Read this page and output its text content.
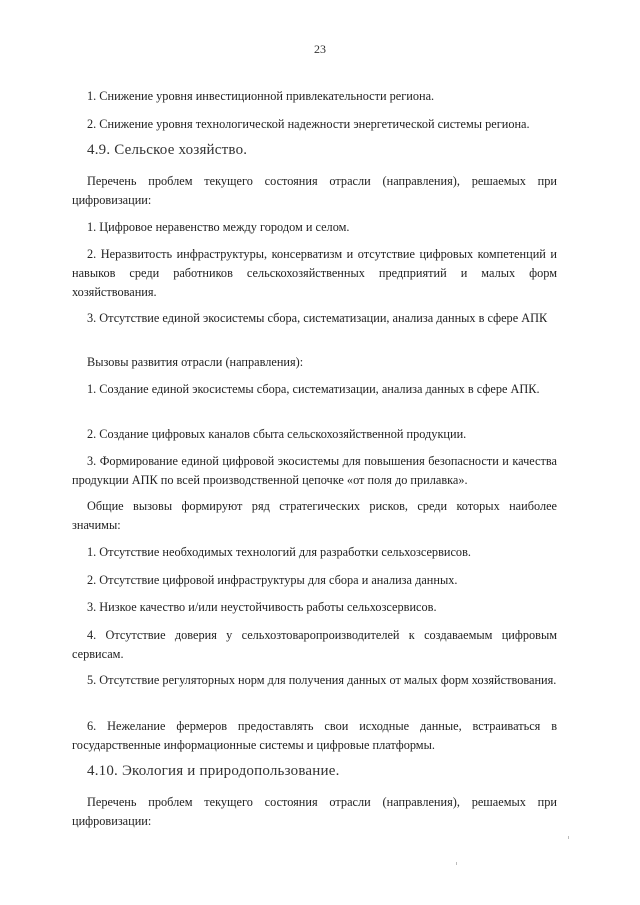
23
1. Снижение уровня инвестиционной привлекательности региона.
2. Снижение уровня технологической надежности энергетической системы региона.
4.9. Сельское хозяйство.
Перечень проблем текущего состояния отрасли (направления), решаемых при цифровизации:
1. Цифровое неравенство между городом и селом.
2. Неразвитость инфраструктуры, консерватизм и отсутствие цифровых компетенций и навыков среди работников сельскохозяйственных предприятий и малых форм хозяйствования.
3. Отсутствие единой экосистемы сбора, систематизации, анализа данных в сфере АПК
Вызовы развития отрасли (направления):
1. Создание единой экосистемы сбора, систематизации, анализа данных в сфере АПК.
2. Создание цифровых каналов сбыта сельскохозяйственной продукции.
3. Формирование единой цифровой экосистемы для повышения безопасности и качества продукции АПК по всей производственной цепочке «от поля до прилавка».
Общие вызовы формируют ряд стратегических рисков, среди которых наиболее значимы:
1. Отсутствие необходимых технологий для разработки сельхозсервисов.
2. Отсутствие цифровой инфраструктуры для сбора и анализа данных.
3. Низкое качество и/или неустойчивость работы сельхозсервисов.
4. Отсутствие доверия у сельхозтоваропроизводителей к создаваемым цифровым сервисам.
5. Отсутствие регуляторных норм для получения данных от малых форм хозяйствования.
6. Нежелание фермеров предоставлять свои исходные данные, встраиваться в государственные информационные системы и цифровые платформы.
4.10. Экология и природопользование.
Перечень проблем текущего состояния отрасли (направления), решаемых при цифровизации:
